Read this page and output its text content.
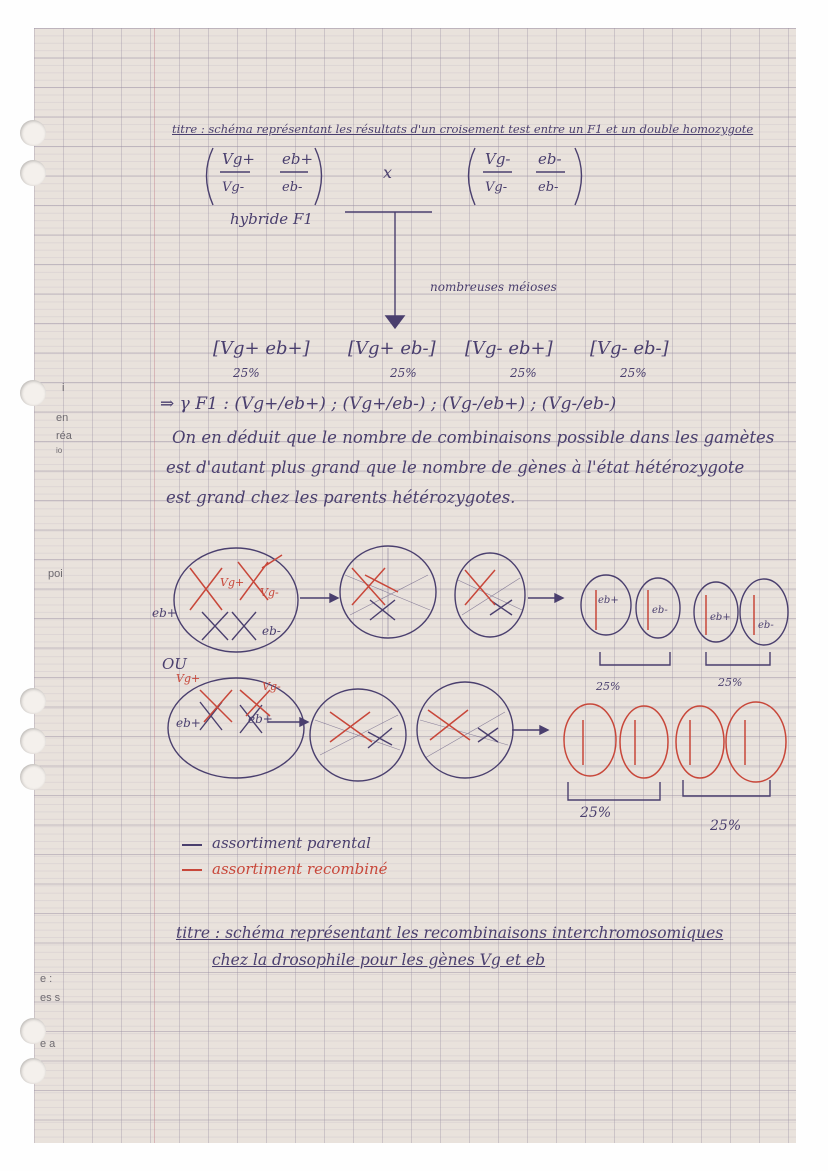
i
en
réa
io
poi
e :
es s
e a
titre : schéma représentant les résultats d'un croisement test entre un F1 et un double homozygote
Vg+
Vg-
eb+
eb-
x
Vg-
Vg-
eb-
eb-
hybride F1
nombreuses méioses
[Vg+ eb+] [Vg+ eb-] [Vg- eb+] [Vg- eb-]
25%	25%	25%	25%
⇒ γ F1 : (Vg+/eb+) ; (Vg+/eb-) ; (Vg-/eb+) ; (Vg-/eb-)
On en déduit que le nombre de combinaisons possible dans les gamètes
est d'autant plus grand que le nombre de gènes à l'état hétérozygote
est grand chez les parents hétérozygotes.
OU
eb+
eb-
Vg+
Vg-
Vg+
Vg-
eb+	eb+
eb+
eb-
eb+
eb-
25%	25%
25%
25%
assortiment parental
assortiment recombiné
titre : schéma représentant les recombinaisons interchromosomiques
chez la drosophile pour les gènes Vg et eb
